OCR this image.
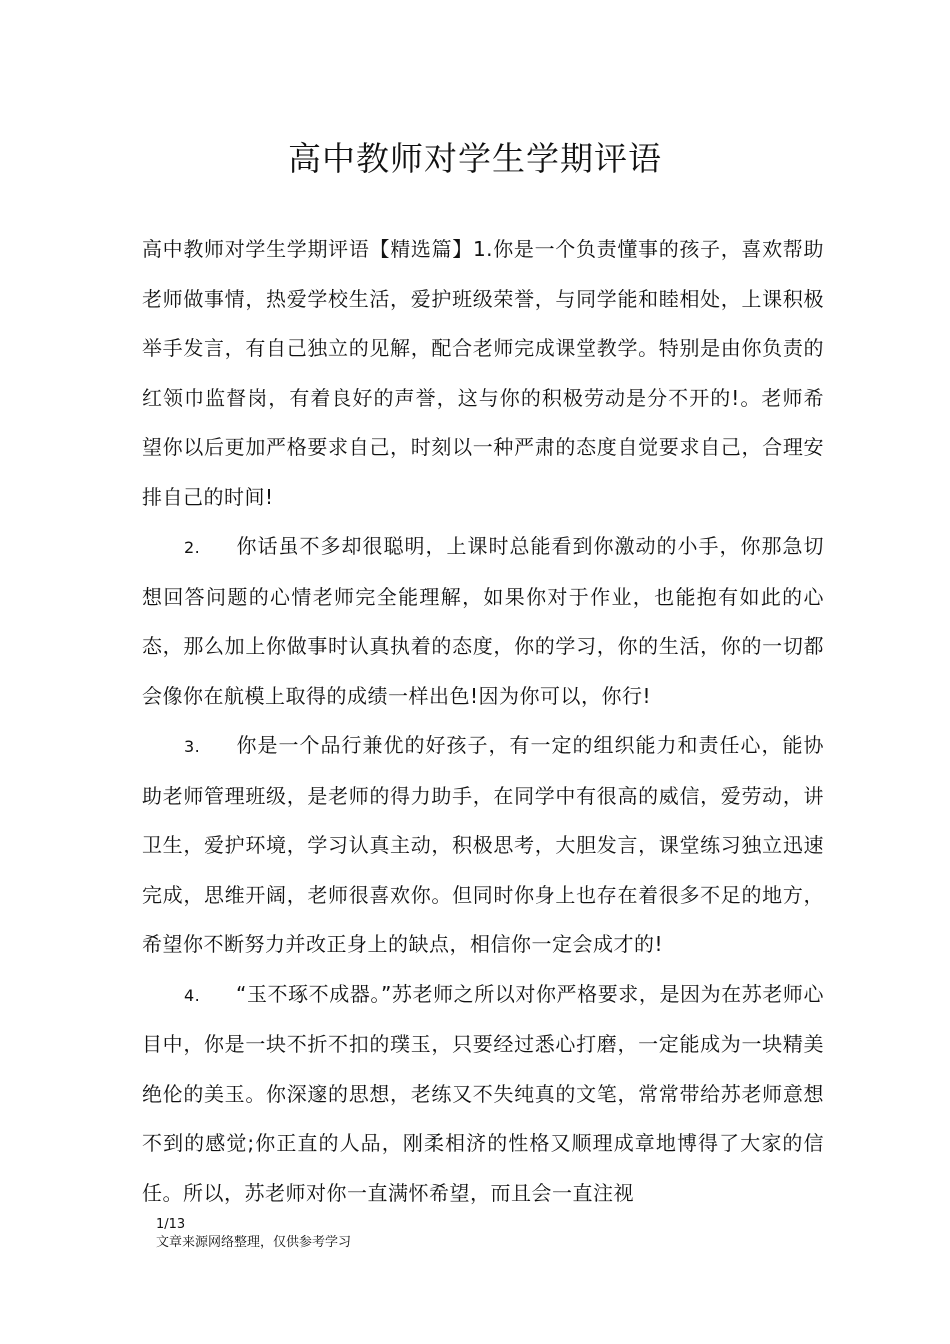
高中教师对学生学期评语

高中教师对学生学期评语【精选篇】1.你是一个负责懂事的孩子，喜欢帮助老师做事情，热爱学校生活，爱护班级荣誉，与同学能和睦相处，上课积极举手发言，有自己独立的见解，配合老师完成课堂教学。特别是由你负责的红领巾监督岗，有着良好的声誉，这与你的积极劳动是分不开的!。老师希望你以后更加严格要求自己，时刻以一种严肃的态度自觉要求自己，合理安排自己的时间!

2. 你话虽不多却很聪明，上课时总能看到你激动的小手，你那急切想回答问题的心情老师完全能理解，如果你对于作业，也能抱有如此的心态，那么加上你做事时认真执着的态度，你的学习，你的生活，你的一切都会像你在航模上取得的成绩一样出色!因为你可以，你行!

3. 你是一个品行兼优的好孩子，有一定的组织能力和责任心，能协助老师管理班级，是老师的得力助手，在同学中有很高的威信，爱劳动，讲卫生，爱护环境，学习认真主动，积极思考，大胆发言，课堂练习独立迅速完成，思维开阔，老师很喜欢你。但同时你身上也存在着很多不足的地方，希望你不断努力并改正身上的缺点，相信你一定会成才的!

4. “玉不琢不成器。”苏老师之所以对你严格要求，是因为在苏老师心目中，你是一块不折不扣的璞玉，只要经过悉心打磨，一定能成为一块精美绝伦的美玉。你深邃的思想，老练又不失纯真的文笔，常常带给苏老师意想不到的感觉;你正直的人品，刚柔相济的性格又顺理成章地博得了大家的信任。所以，苏老师对你一直满怀希望，而且会一直注视

1/13
文章来源网络整理，仅供参考学习
